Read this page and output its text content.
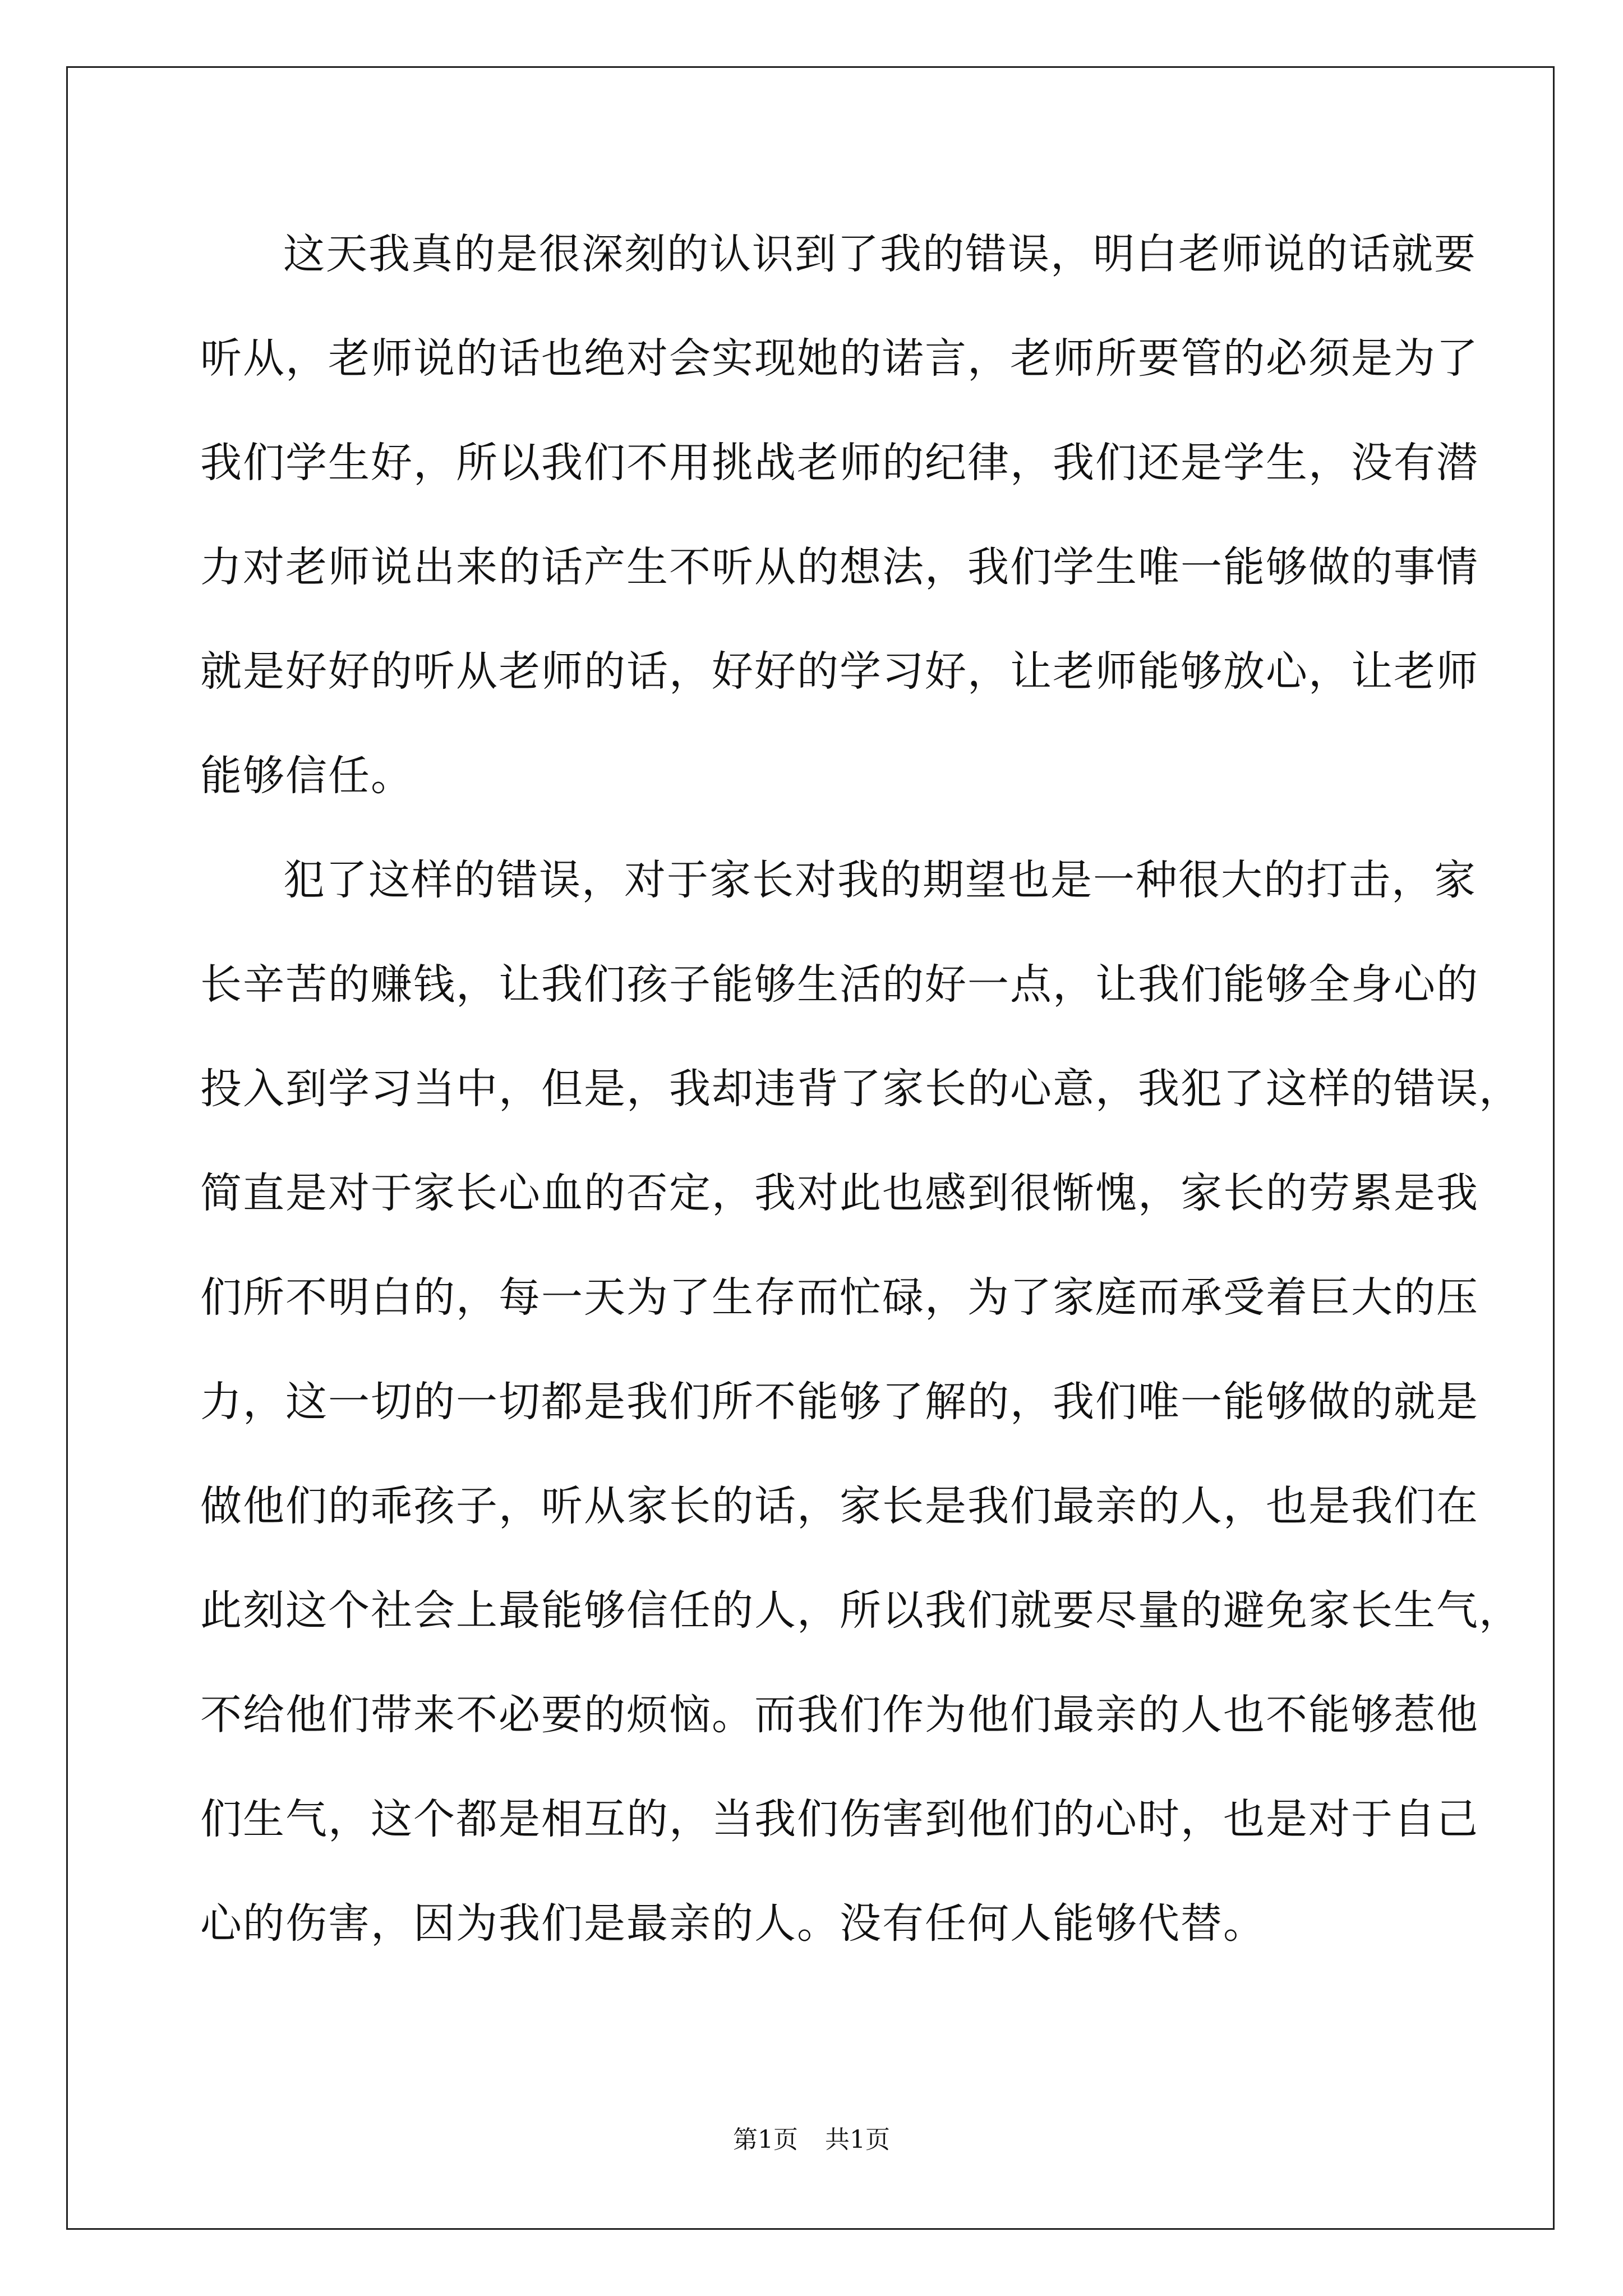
这天我真的是很深刻的认识到了我的错误，明白老师说的话就要
听从，老师说的话也绝对会实现她的诺言，老师所要管的必须是为了
我们学生好，所以我们不用挑战老师的纪律，我们还是学生，没有潜
力对老师说出来的话产生不听从的想法，我们学生唯一能够做的事情
就是好好的听从老师的话，好好的学习好，让老师能够放心，让老师
能够信任。

犯了这样的错误，对于家长对我的期望也是一种很大的打击，家
长辛苦的赚钱，让我们孩子能够生活的好一点，让我们能够全身心的
投入到学习当中，但是，我却违背了家长的心意，我犯了这样的错误，
简直是对于家长心血的否定，我对此也感到很惭愧，家长的劳累是我
们所不明白的，每一天为了生存而忙碌，为了家庭而承受着巨大的压
力，这一切的一切都是我们所不能够了解的，我们唯一能够做的就是
做他们的乖孩子，听从家长的话，家长是我们最亲的人，也是我们在
此刻这个社会上最能够信任的人，所以我们就要尽量的避免家长生气，
不给他们带来不必要的烦恼。而我们作为他们最亲的人也不能够惹他
们生气，这个都是相互的，当我们伤害到他们的心时，也是对于自己
心的伤害，因为我们是最亲的人。没有任何人能够代替。

第1页 共1页
